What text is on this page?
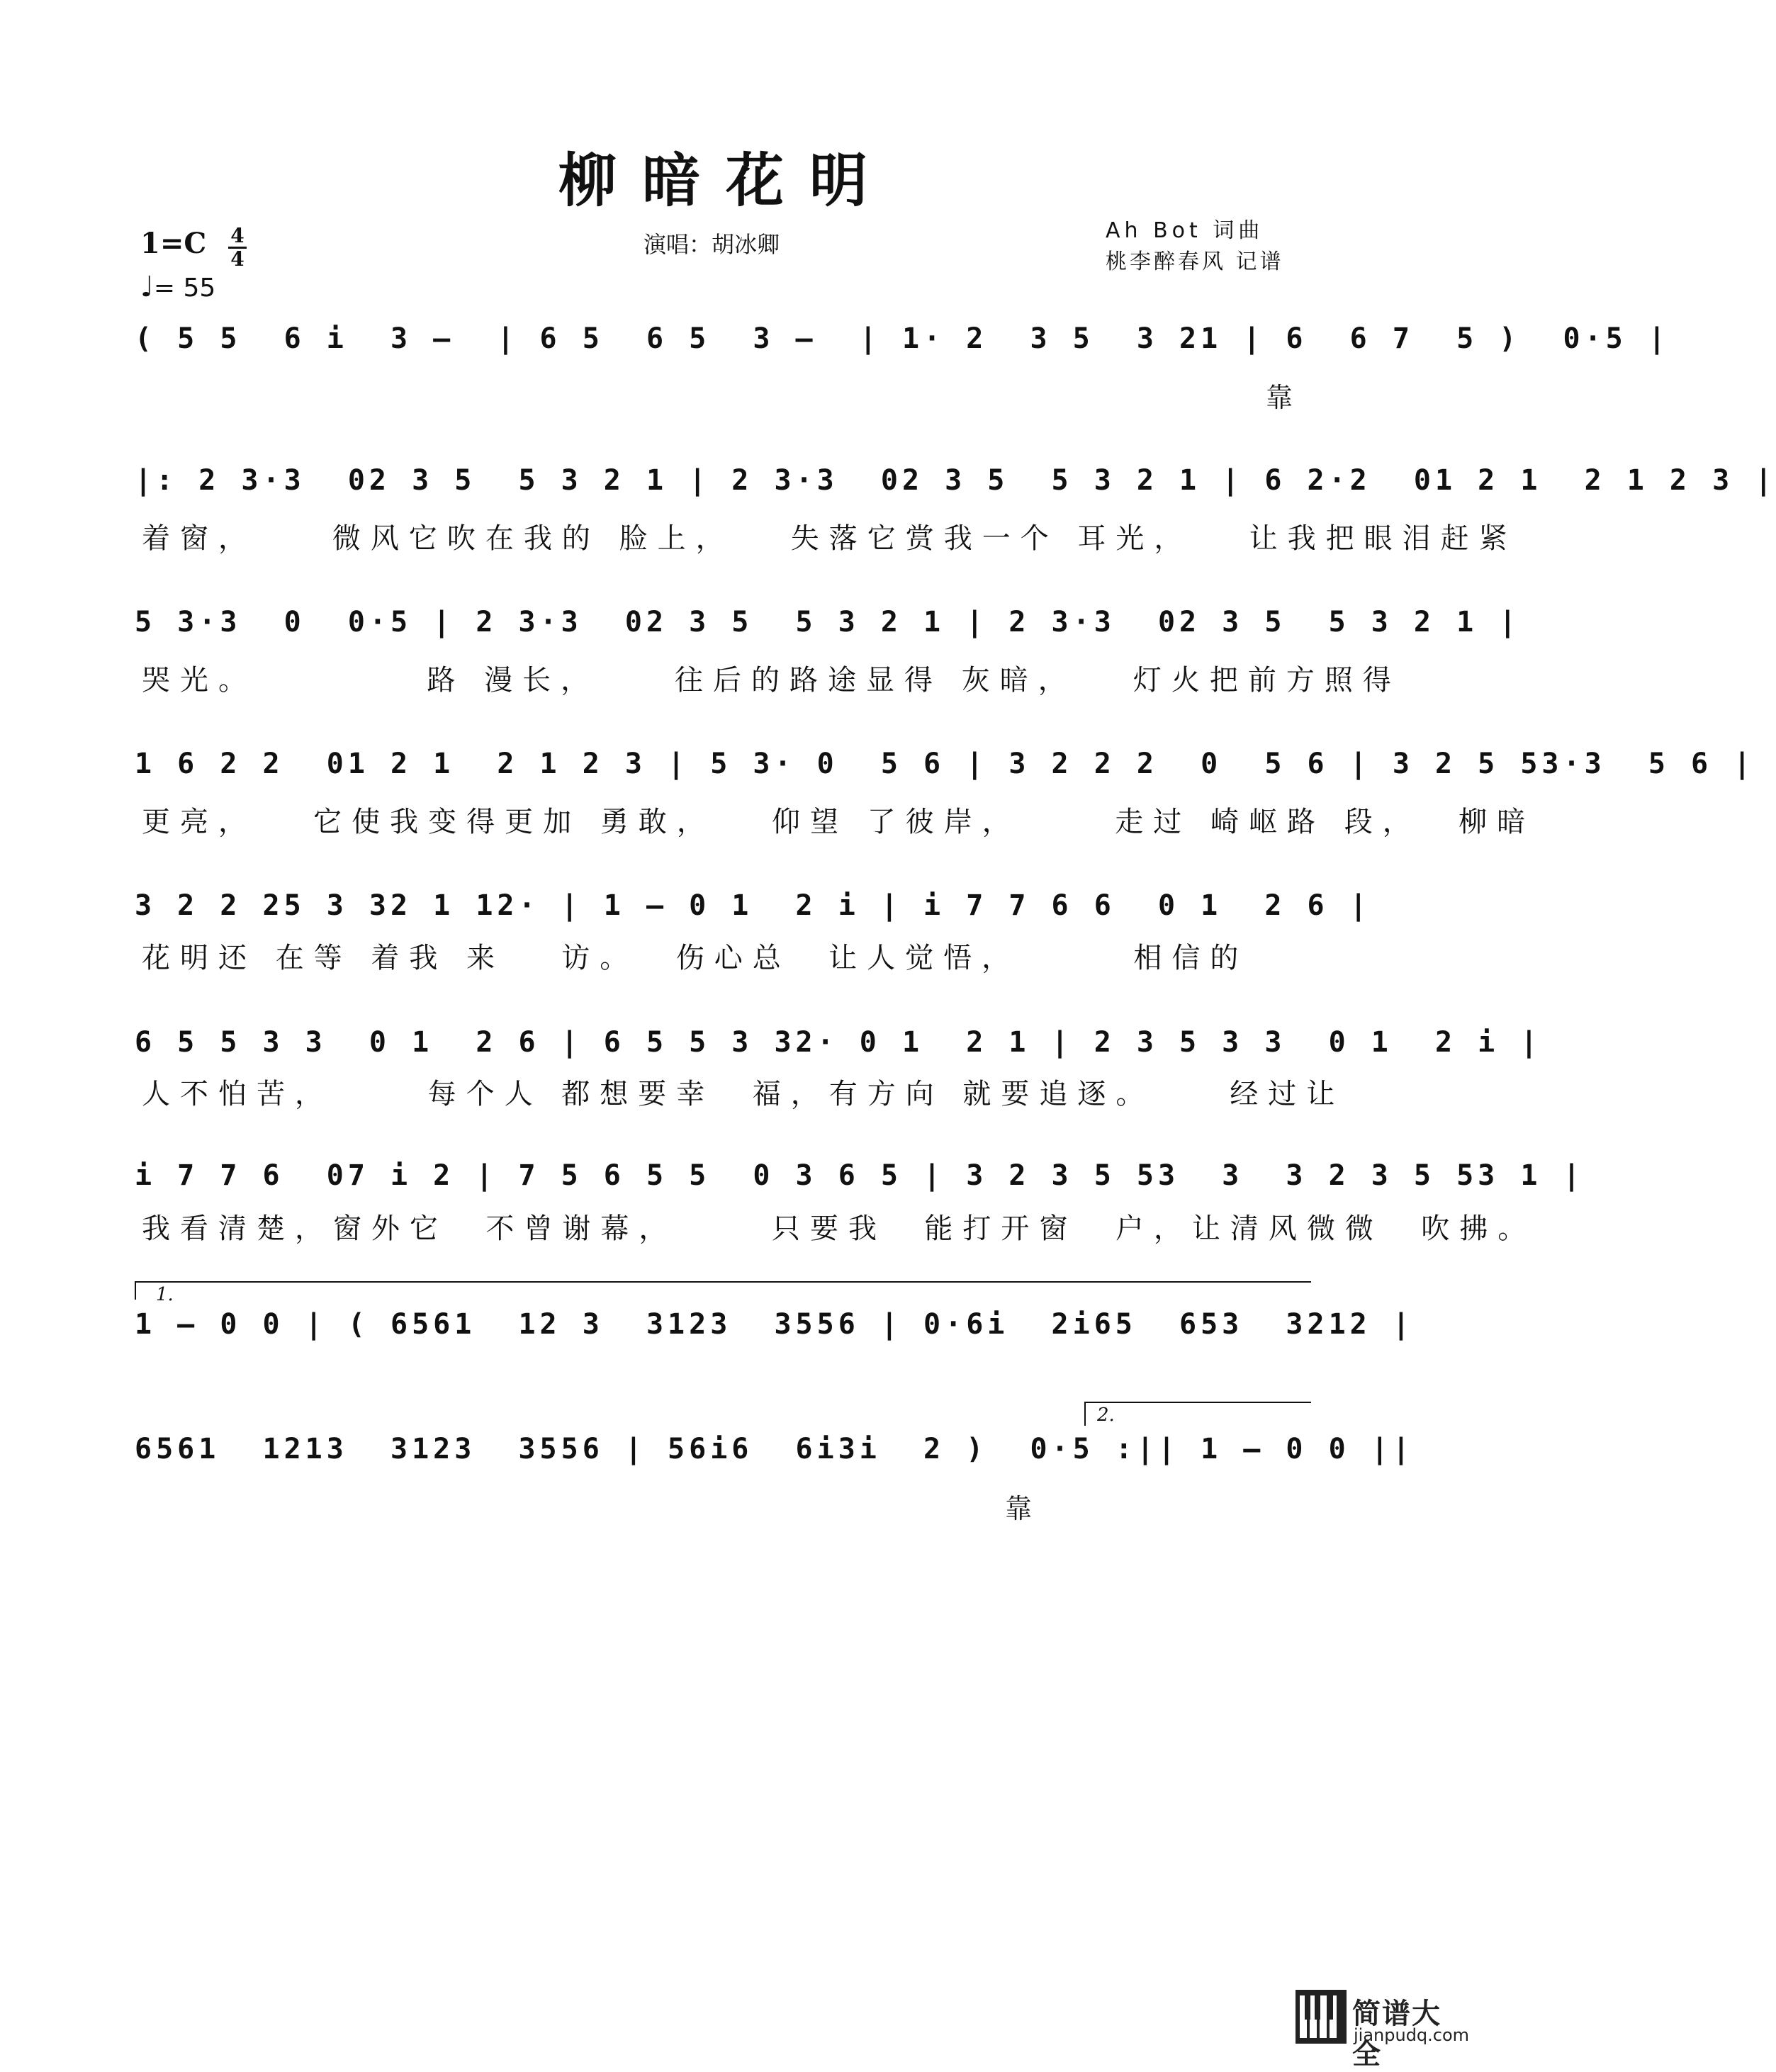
柳暗花明
1=C 4
4
♩= 55
演唱：胡冰卿
Ah Bot 词曲
桃李醉春风 记谱
( 5 5  6 i  3 –  | 6 5  6 5  3 –  | 1· 2  3 5  3 21 | 6  6 7  5 )  0·5 |
靠
|: 2 3·3  02 3 5  5 3 2 1 | 2 3·3  02 3 5  5 3 2 1 | 6 2·2  01 2 1  2 1 2 3 |
着窗，    微风它吹在我的 脸上，   失落它赏我一个 耳光，   让我把眼泪赶紧
5 3·3  0  0·5 | 2 3·3  02 3 5  5 3 2 1 | 2 3·3  02 3 5  5 3 2 1 |
哭光。         路 漫长，    往后的路途显得 灰暗，   灯火把前方照得
1 6 2 2  01 2 1  2 1 2 3 | 5 3· 0  5 6 | 3 2 2 2  0  5 6 | 3 2 5 53·3  5 6 |
更亮，   它使我变得更加 勇敢，   仰望 了彼岸，     走过 崎岖路 段，  柳暗
3 2 2 25 3 32 1 12· | 1 – 0 1  2 i | i 7 7 6 6  0 1  2 6 |
花明还 在等 着我 来   访。  伤心总  让人觉悟，      相信的
6 5 5 3 3  0 1  2 6 | 6 5 5 3 32· 0 1  2 1 | 2 3 5 3 3  0 1  2 i |
人不怕苦，     每个人 都想要幸  福，有方向 就要追逐。    经过让
i 7 7 6  07 i 2 | 7 5 6 5 5  0 3 6 5 | 3 2 3 5 53  3  3 2 3 5 53 1 |
我看清楚，窗外它  不曾谢幕，     只要我  能打开窗  户，让清风微微  吹拂。
1.
1 – 0 0 | ( 6561  12 3  3123  3556 | 0·6i  2i65  653  3212 |
6561  1213  3123  3556 | 56i6  6i3i  2 )  0·5 :|| 1 – 0 0 ||
靠
2.
简谱大全
jianpudq.com
